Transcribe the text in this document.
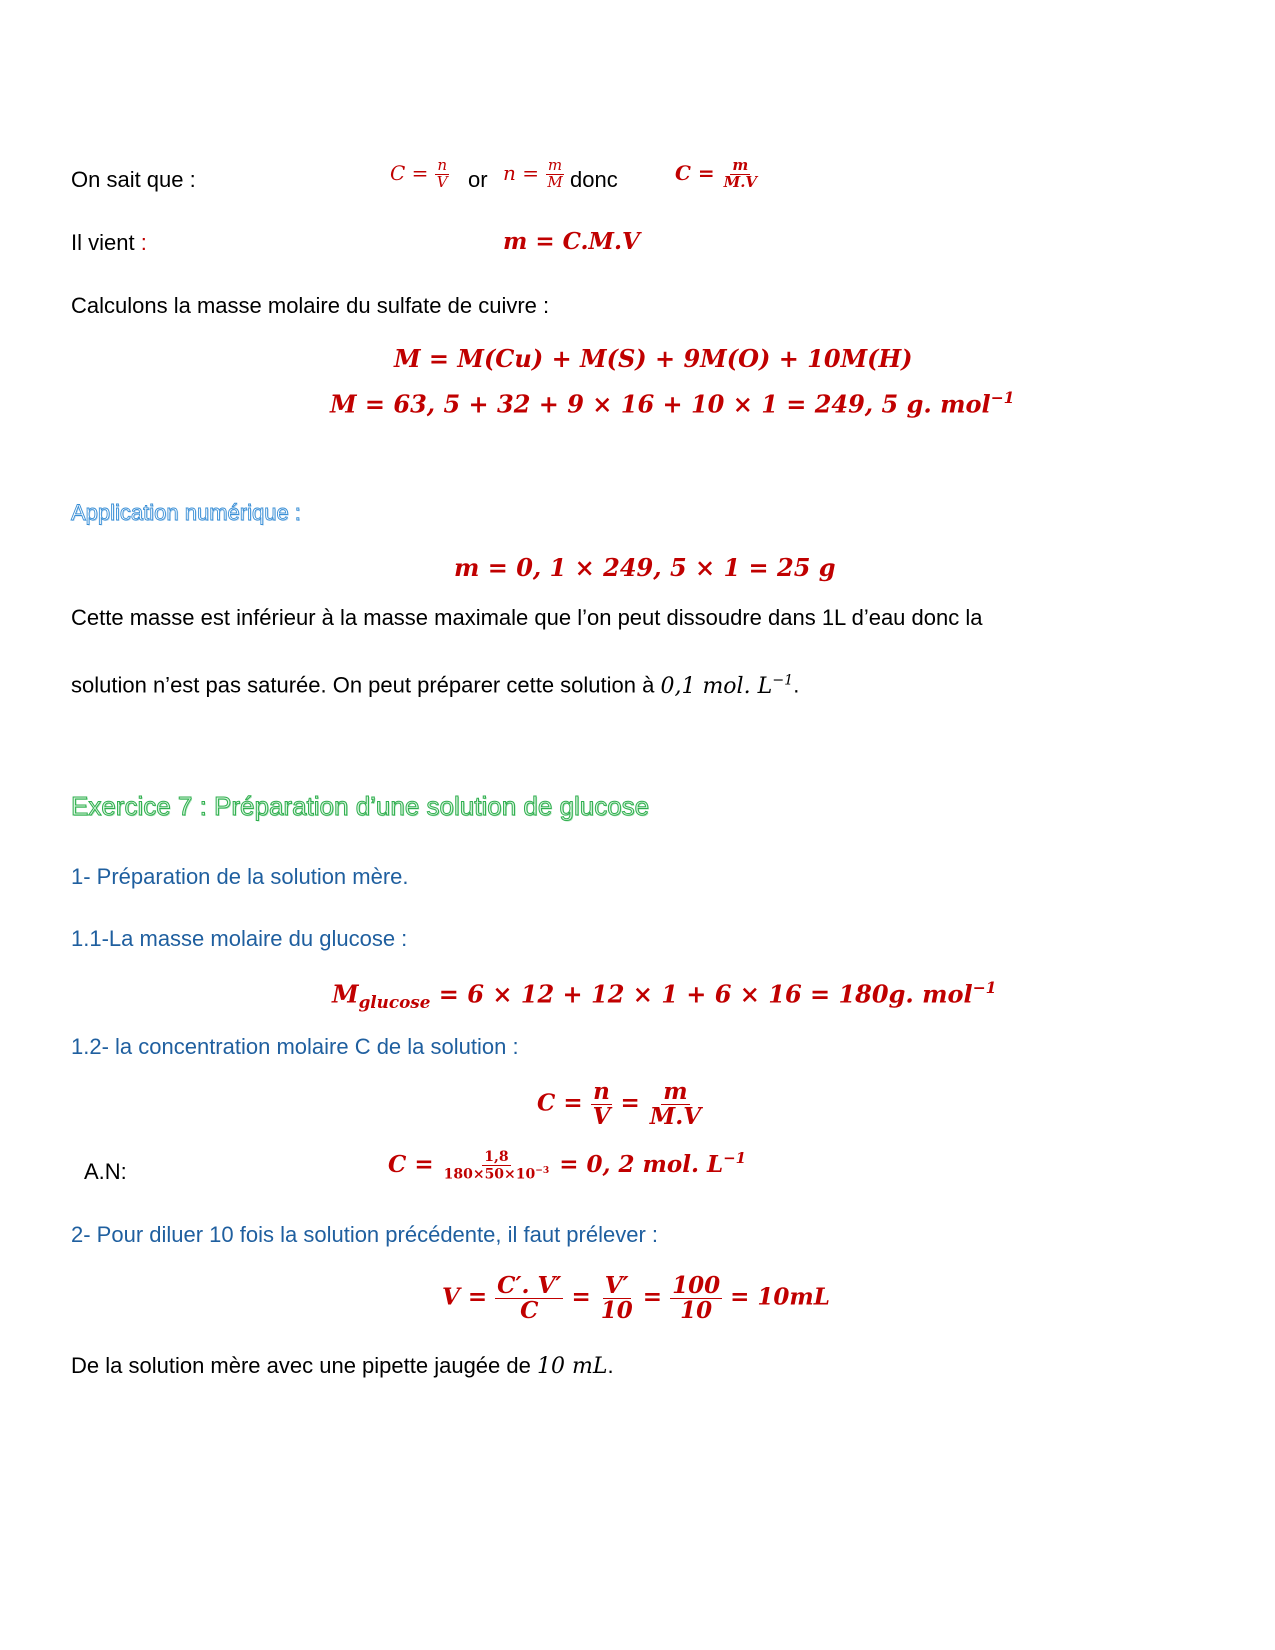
On sait que :	$C = \frac{n}{V}$ or $n = \frac{m}{M}$ donc	$C = \frac{m}{M.V}$
Il vient :	m = C.M.V
Calculons la masse molaire du sulfate de cuivre :
M = M(Cu) + M(S) + 9M(O) + 10M(H)
M = 63, 5 + 32 + 9 × 16 + 10 × 1 = 249, 5 g. mol$^{-1}$
Application numérique :
m = 0, 1 × 249, 5 × 1 = 25 g
Cette masse est inférieur à la masse maximale que l’on peut dissoudre dans 1L d’eau donc la
solution n’est pas saturée. On peut préparer cette solution à 0,1 mol. $L^{-1}$.
Exercice 7 : Préparation d’une solution de glucose
1- Préparation de la solution mère.
1.1-La masse molaire du glucose :
$M_{glucose} = 6 \times 12 + 12 \times 1 + 6 \times 16 = 180g$. mol$^{-1}$
1.2- la concentration molaire C de la solution :
$C = \frac{n}{V} = \frac{m}{M.V}$
A.N:	$C = \frac{1,8}{180\times 50\times 10^{-3}} = 0$, 2 mol. $L^{-1}$
2- Pour diluer 10 fois la solution précédente, il faut prélever :
$V = \frac{C'. V'}{C} = \frac{V'}{10} = \frac{100}{10} = 10mL$
De la solution mère avec une pipette jaugée de 10 mL.
